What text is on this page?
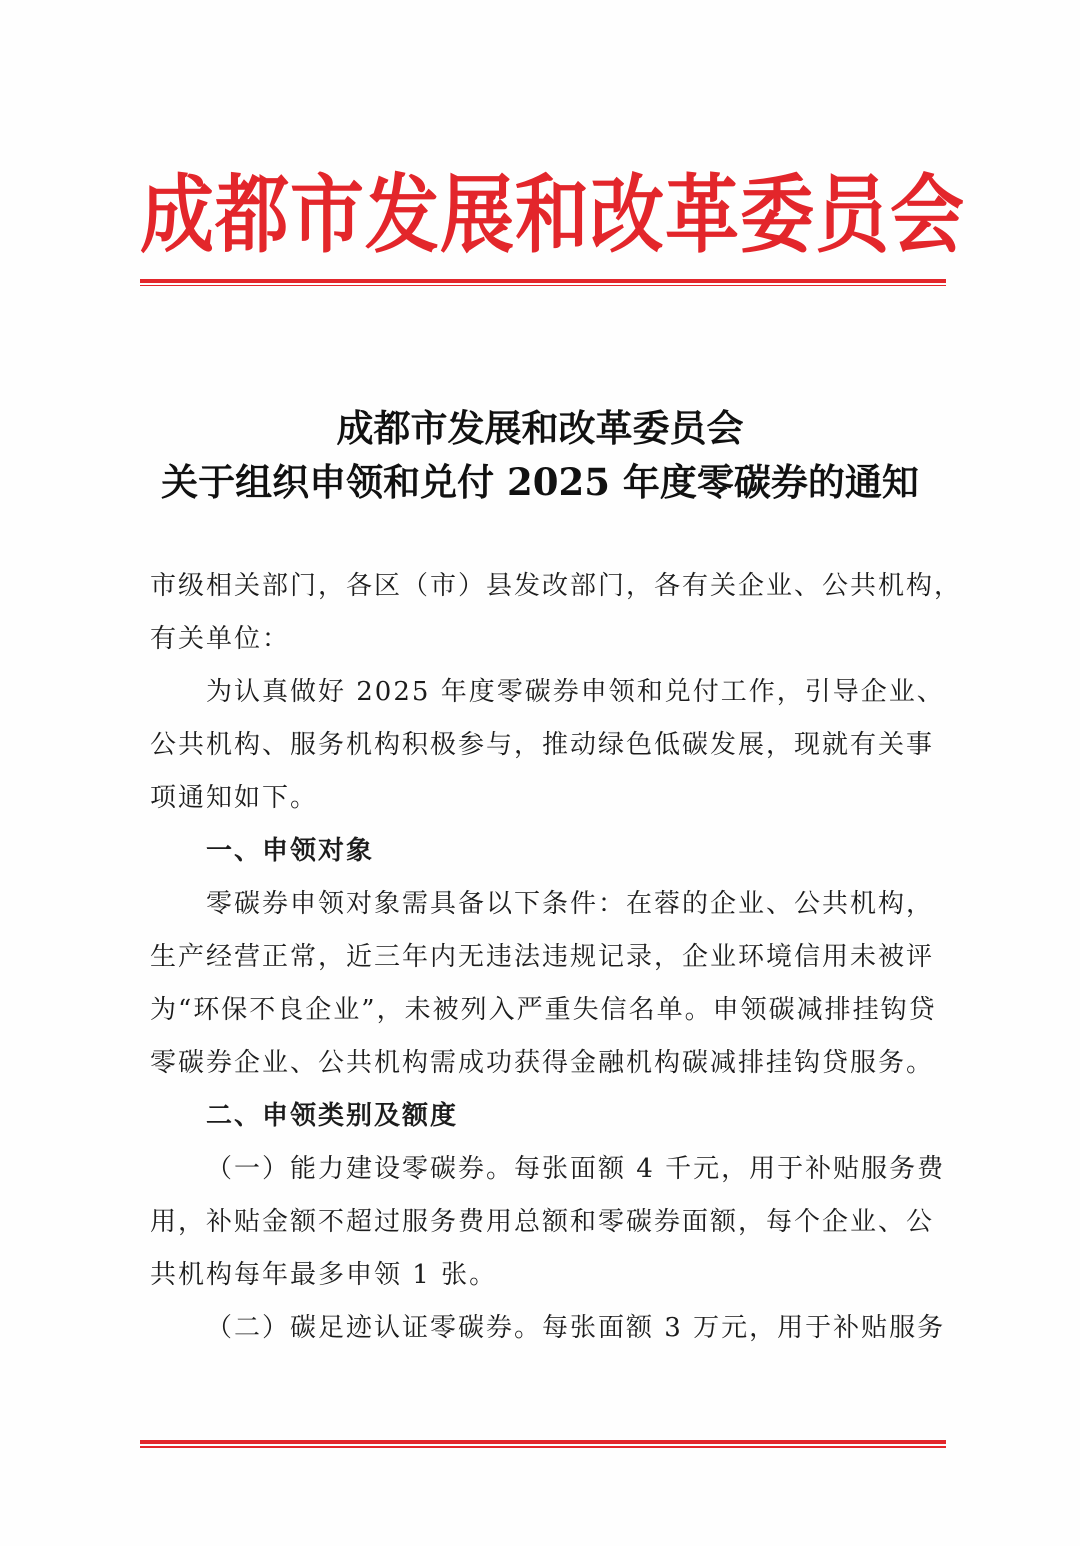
成都市发展和改革委员会
成都市发展和改革委员会
关于组织申领和兑付 2025 年度零碳券的通知
市级相关部门，各区（市）县发改部门，各有关企业、公共机构，
有关单位：
为认真做好 2025 年度零碳券申领和兑付工作，引导企业、
公共机构、服务机构积极参与，推动绿色低碳发展，现就有关事
项通知如下。
一、申领对象
零碳券申领对象需具备以下条件：在蓉的企业、公共机构，
生产经营正常，近三年内无违法违规记录，企业环境信用未被评
为“环保不良企业”，未被列入严重失信名单。申领碳减排挂钩贷
零碳券企业、公共机构需成功获得金融机构碳减排挂钩贷服务。
二、申领类别及额度
（一）能力建设零碳券。每张面额 4 千元，用于补贴服务费
用，补贴金额不超过服务费用总额和零碳券面额，每个企业、公
共机构每年最多申领 1 张。
（二）碳足迹认证零碳券。每张面额 3 万元，用于补贴服务
